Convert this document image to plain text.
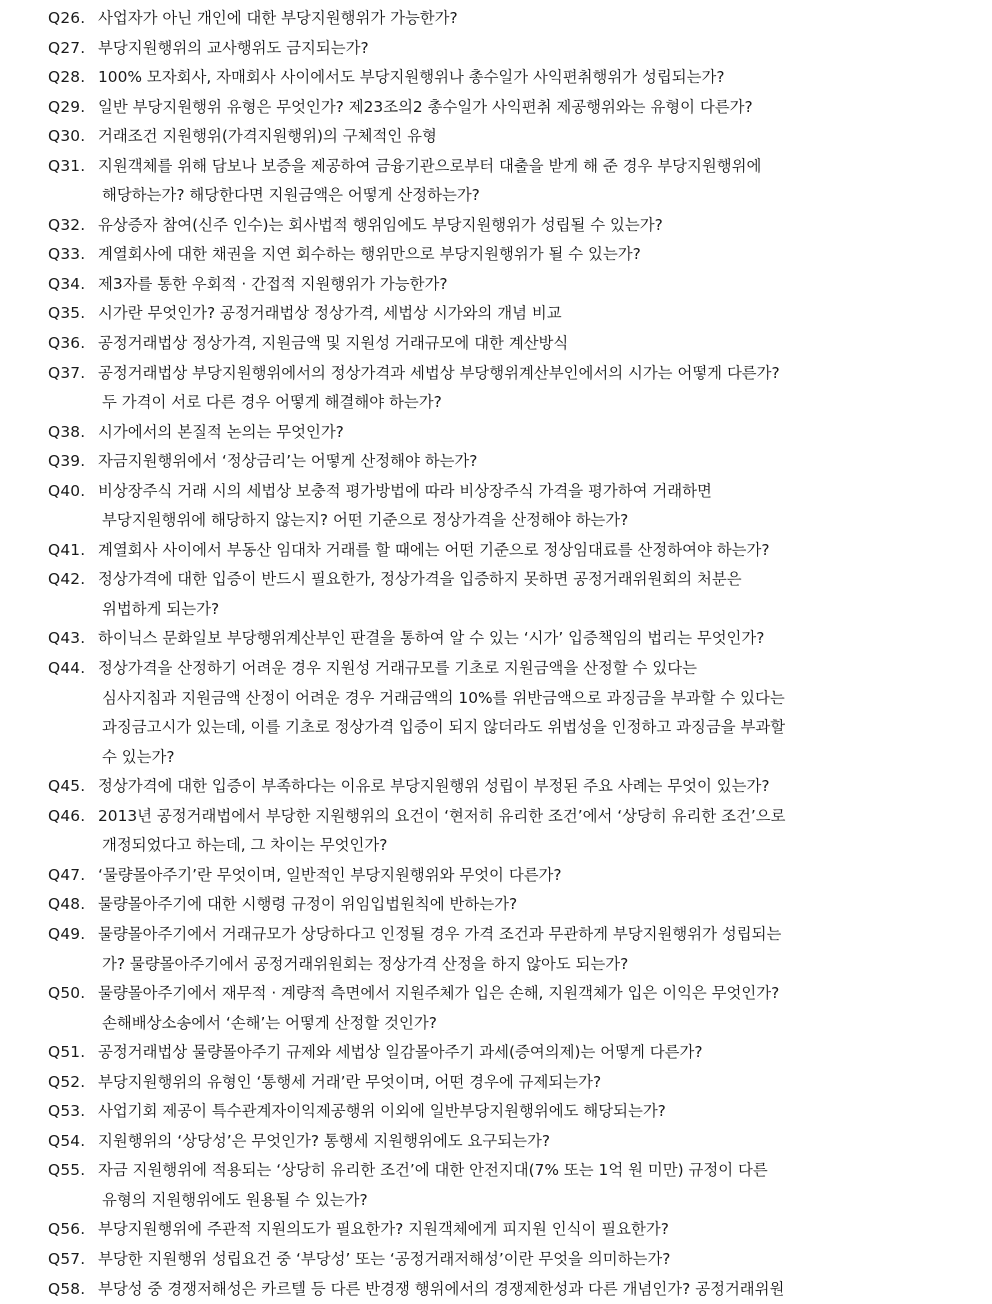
Q26. 사업자가 아닌 개인에 대한 부당지원행위가 가능한가?
Q27. 부당지원행위의 교사행위도 금지되는가?
Q28. 100% 모자회사, 자매회사 사이에서도 부당지원행위나 총수일가 사익편취행위가 성립되는가?
Q29. 일반 부당지원행위 유형은 무엇인가? 제23조의2 총수일가 사익편취 제공행위와는 유형이 다른가?
Q30. 거래조건 지원행위(가격지원행위)의 구체적인 유형
Q31. 지원객체를 위해 담보나 보증을 제공하여 금융기관으로부터 대출을 받게 해 준 경우 부당지원행위에
해당하는가? 해당한다면 지원금액은 어떻게 산정하는가?
Q32. 유상증자 참여(신주 인수)는 회사법적 행위임에도 부당지원행위가 성립될 수 있는가?
Q33. 계열회사에 대한 채권을 지연 회수하는 행위만으로 부당지원행위가 될 수 있는가?
Q34. 제3자를 통한 우회적 · 간접적 지원행위가 가능한가?
Q35. 시가란 무엇인가? 공정거래법상 정상가격, 세법상 시가와의 개념 비교
Q36. 공정거래법상 정상가격, 지원금액 및 지원성 거래규모에 대한 계산방식
Q37. 공정거래법상 부당지원행위에서의 정상가격과 세법상 부당행위계산부인에서의 시가는 어떻게 다른가?
두 가격이 서로 다른 경우 어떻게 해결해야 하는가?
Q38. 시가에서의 본질적 논의는 무엇인가?
Q39. 자금지원행위에서 ‘정상금리’는 어떻게 산정해야 하는가?
Q40. 비상장주식 거래 시의 세법상 보충적 평가방법에 따라 비상장주식 가격을 평가하여 거래하면
부당지원행위에 해당하지 않는지? 어떤 기준으로 정상가격을 산정해야 하는가?
Q41. 계열회사 사이에서 부동산 임대차 거래를 할 때에는 어떤 기준으로 정상임대료를 산정하여야 하는가?
Q42. 정상가격에 대한 입증이 반드시 필요한가, 정상가격을 입증하지 못하면 공정거래위원회의 처분은
위법하게 되는가?
Q43. 하이닉스 문화일보 부당행위계산부인 판결을 통하여 알 수 있는 ‘시가’ 입증책임의 법리는 무엇인가?
Q44. 정상가격을 산정하기 어려운 경우 지원성 거래규모를 기초로 지원금액을 산정할 수 있다는
심사지침과 지원금액 산정이 어려운 경우 거래금액의 10%를 위반금액으로 과징금을 부과할 수 있다는
과징금고시가 있는데, 이를 기초로 정상가격 입증이 되지 않더라도 위법성을 인정하고 과징금을 부과할
수 있는가?
Q45. 정상가격에 대한 입증이 부족하다는 이유로 부당지원행위 성립이 부정된 주요 사례는 무엇이 있는가?
Q46. 2013년 공정거래법에서 부당한 지원행위의 요건이 ‘현저히 유리한 조건’에서 ‘상당히 유리한 조건’으로
개정되었다고 하는데, 그 차이는 무엇인가?
Q47. ‘물량몰아주기’란 무엇이며, 일반적인 부당지원행위와 무엇이 다른가?
Q48. 물량몰아주기에 대한 시행령 규정이 위임입법원칙에 반하는가?
Q49. 물량몰아주기에서 거래규모가 상당하다고 인정될 경우 가격 조건과 무관하게 부당지원행위가 성립되는
가? 물량몰아주기에서 공정거래위원회는 정상가격 산정을 하지 않아도 되는가?
Q50. 물량몰아주기에서 재무적 · 계량적 측면에서 지원주체가 입은 손해, 지원객체가 입은 이익은 무엇인가?
손해배상소송에서 ‘손해’는 어떻게 산정할 것인가?
Q51. 공정거래법상 물량몰아주기 규제와 세법상 일감몰아주기 과세(증여의제)는 어떻게 다른가?
Q52. 부당지원행위의 유형인 ‘통행세 거래’란 무엇이며, 어떤 경우에 규제되는가?
Q53. 사업기회 제공이 특수관계자이익제공행위 이외에 일반부당지원행위에도 해당되는가?
Q54. 지원행위의 ‘상당성’은 무엇인가? 통행세 지원행위에도 요구되는가?
Q55. 자금 지원행위에 적용되는 ‘상당히 유리한 조건’에 대한 안전지대(7% 또는 1억 원 미만) 규정이 다른
유형의 지원행위에도 원용될 수 있는가?
Q56. 부당지원행위에 주관적 지원의도가 필요한가? 지원객체에게 피지원 인식이 필요한가?
Q57. 부당한 지원행위 성립요건 중 ‘부당성’ 또는 ‘공정거래저해성’이란 무엇을 의미하는가?
Q58. 부당성 중 경쟁저해성은 카르텔 등 다른 반경쟁 행위에서의 경쟁제한성과 다른 개념인가? 공정거래위원
